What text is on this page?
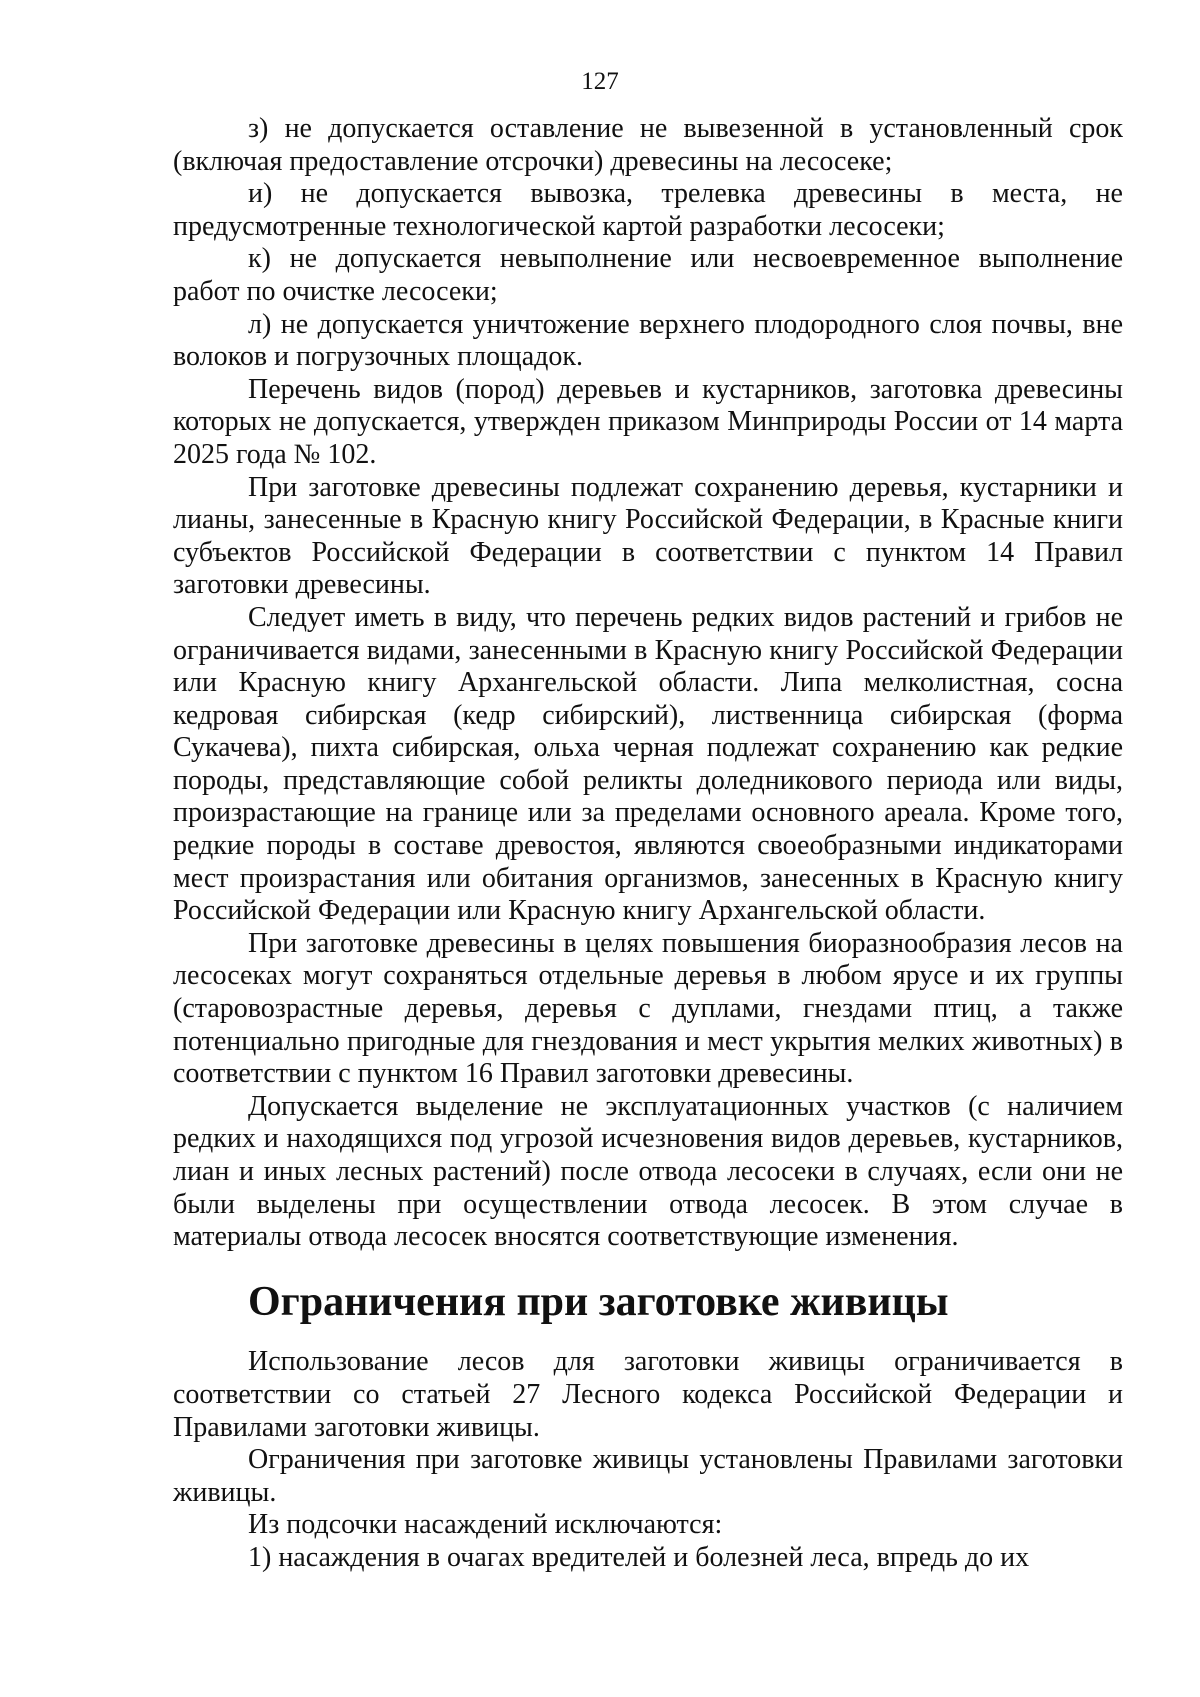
127

з) не допускается оставление не вывезенной в установленный срок (включая предоставление отсрочки) древесины на лесосеке;

и) не допускается вывозка, трелевка древесины в места, не предусмотренные технологической картой разработки лесосеки;

к) не допускается невыполнение или несвоевременное выполнение работ по очистке лесосеки;

л) не допускается уничтожение верхнего плодородного слоя почвы, вне волоков и погрузочных площадок.

Перечень видов (пород) деревьев и кустарников, заготовка древесины которых не допускается, утвержден приказом Минприроды России от 14 марта 2025 года № 102.

При заготовке древесины подлежат сохранению деревья, кустарники и лианы, занесенные в Красную книгу Российской Федерации, в Красные книги субъектов Российской Федерации в соответствии с пунктом 14 Правил заготовки древесины.

Следует иметь в виду, что перечень редких видов растений и грибов не ограничивается видами, занесенными в Красную книгу Российской Федерации или Красную книгу Архангельской области. Липа мелколистная, сосна кедровая сибирская (кедр сибирский), лиственница сибирская (форма Сукачева), пихта сибирская, ольха черная подлежат сохранению как редкие породы, представляющие собой реликты доледникового периода или виды, произрастающие на границе или за пределами основного ареала. Кроме того, редкие породы в составе древостоя, являются своеобразными индикаторами мест произрастания или обитания организмов, занесенных в Красную книгу Российской Федерации или Красную книгу Архангельской области.

При заготовке древесины в целях повышения биоразнообразия лесов на лесосеках могут сохраняться отдельные деревья в любом ярусе и их группы (старовозрастные деревья, деревья с дуплами, гнездами птиц, а также потенциально пригодные для гнездования и мест укрытия мелких животных) в соответствии с пунктом 16 Правил заготовки древесины.

Допускается выделение не эксплуатационных участков (с наличием редких и находящихся под угрозой исчезновения видов деревьев, кустарников, лиан и иных лесных растений) после отвода лесосеки в случаях, если они не были выделены при осуществлении отвода лесосек. В этом случае в материалы отвода лесосек вносятся соответствующие изменения.

Ограничения при заготовке живицы

Использование лесов для заготовки живицы ограничивается в соответствии со статьей 27 Лесного кодекса Российской Федерации и Правилами заготовки живицы.

Ограничения при заготовке живицы установлены Правилами заготовки живицы.

Из подсочки насаждений исключаются:

1) насаждения в очагах вредителей и болезней леса, впредь до их
